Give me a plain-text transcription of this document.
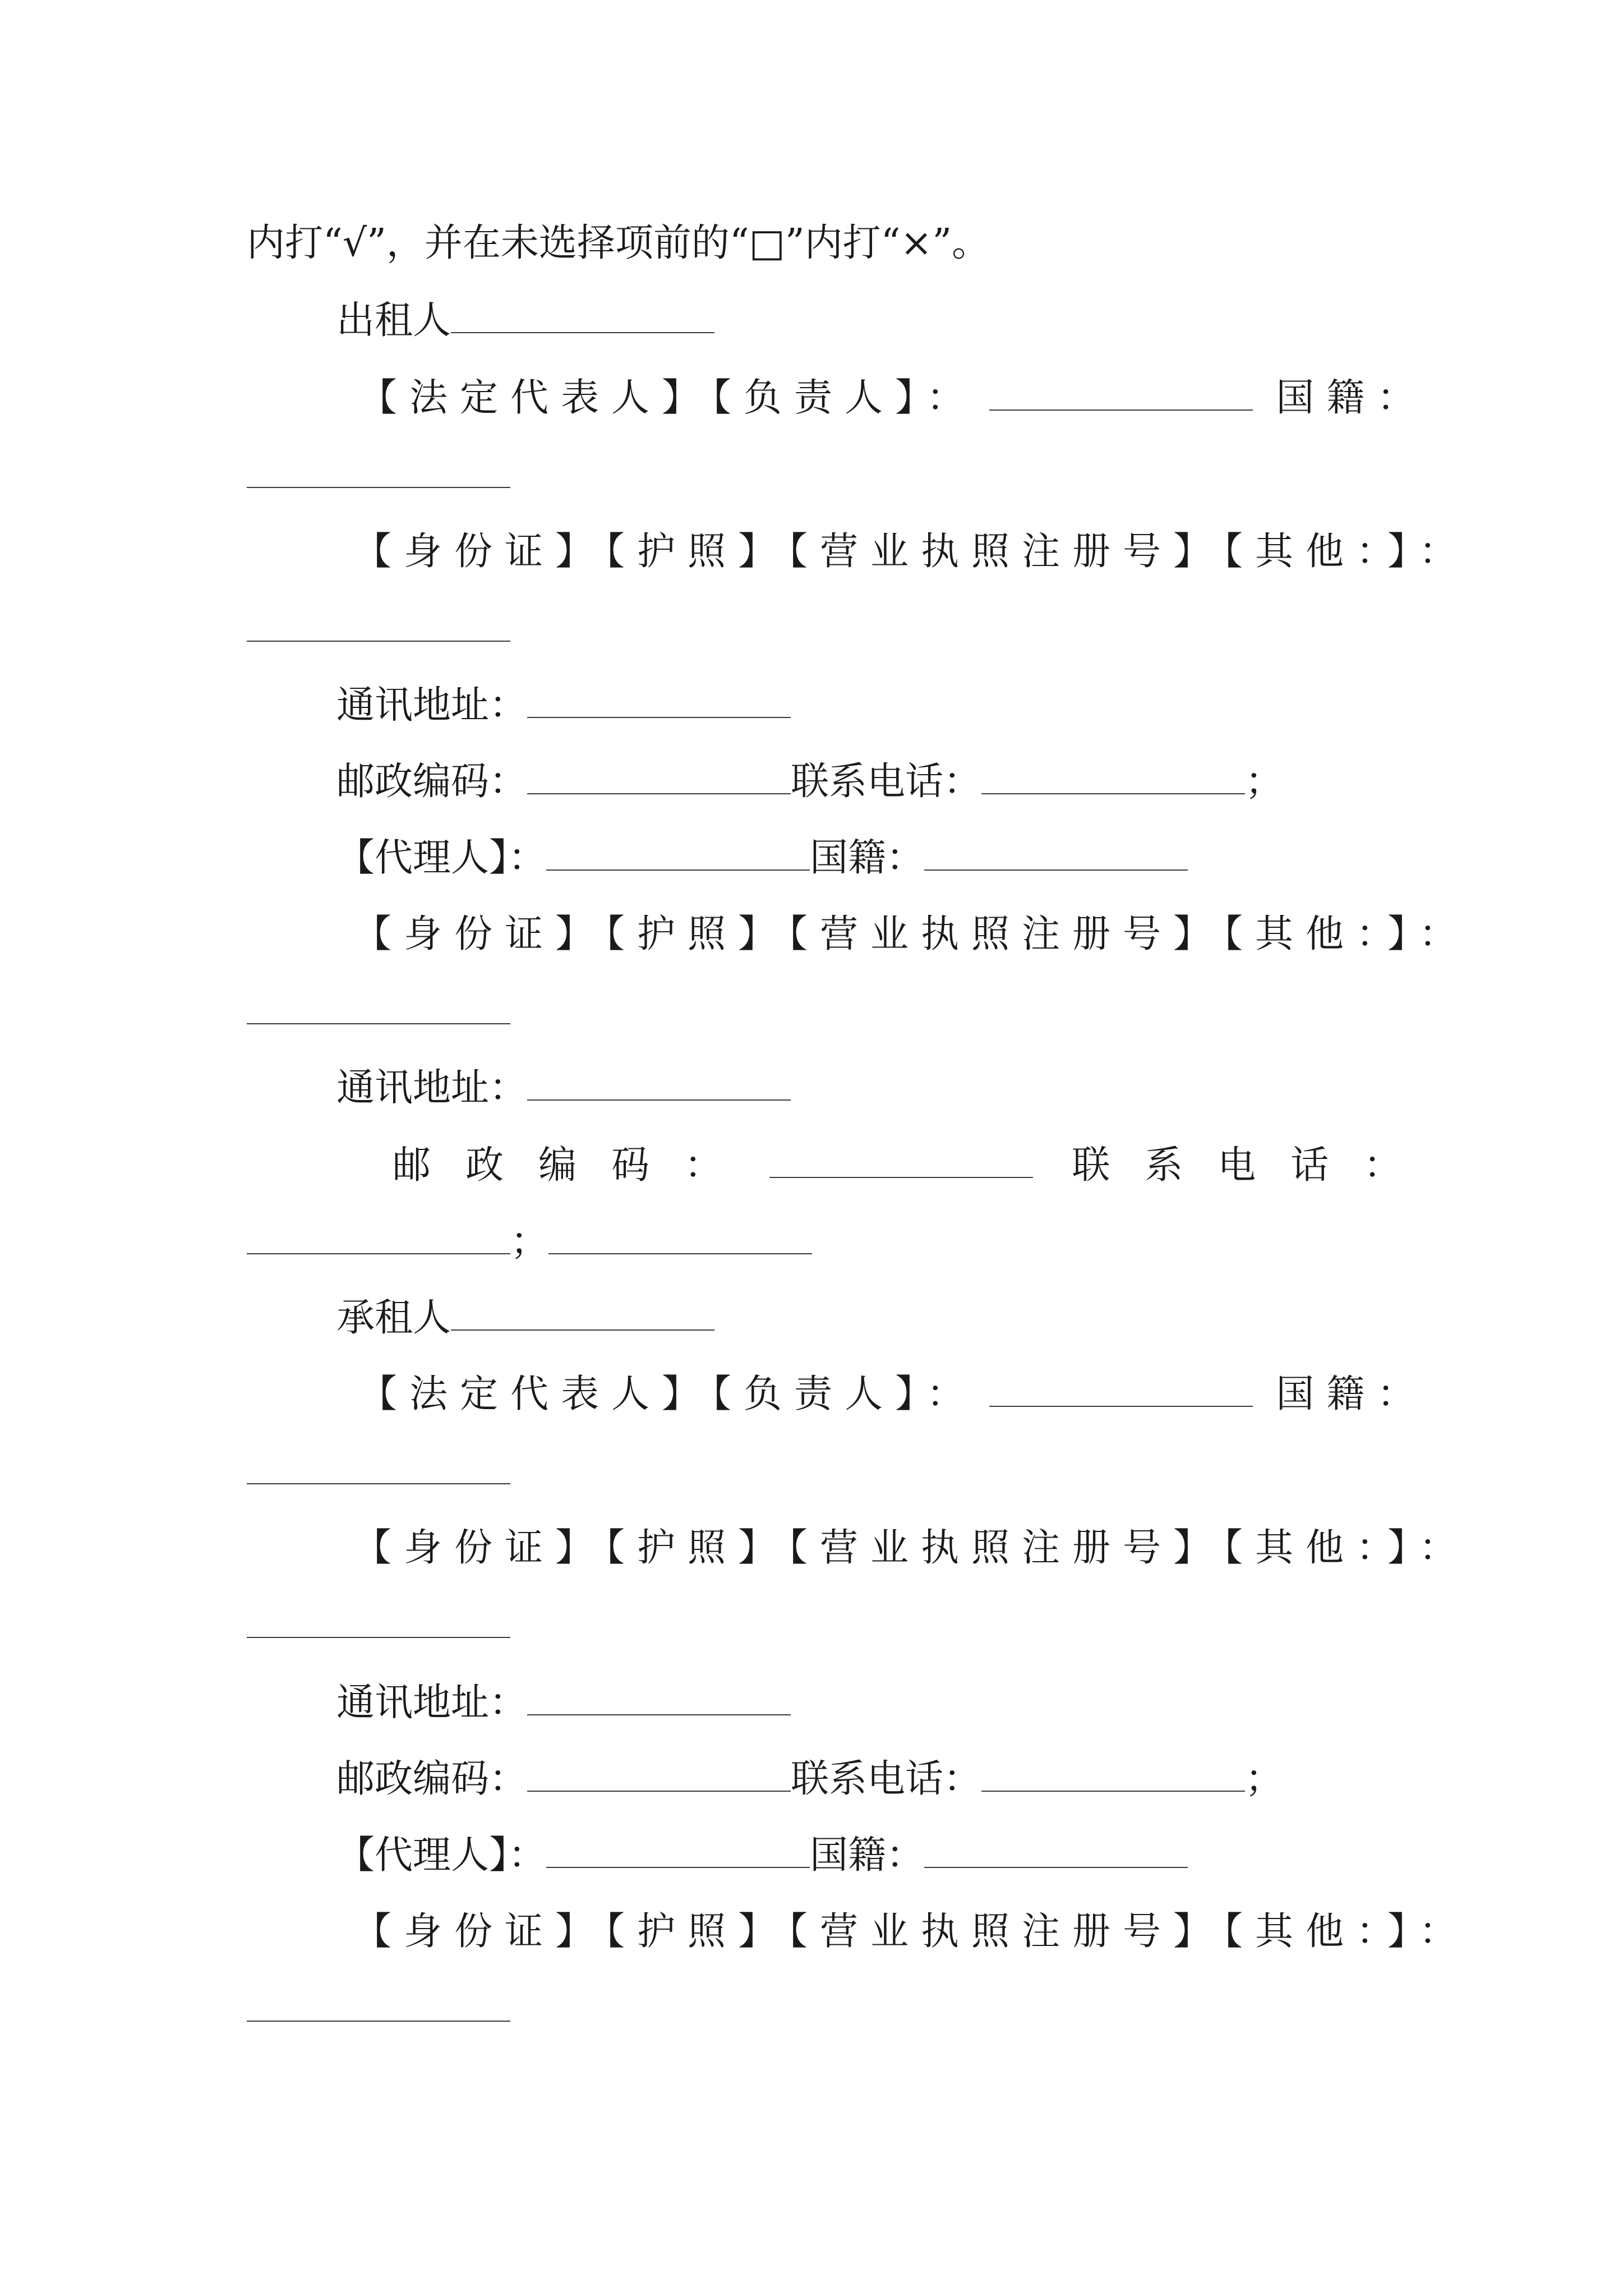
内打“√”，并在未选择项前的“□”内打“×”。
出租人
【法定代表人】【负责人】：	国籍：
【身份证】【护照】【营业执照注册号】【其他：】：
通讯地址：
邮政编码：	联系电话：	；
【代理人】：	国籍：
【身份证】【护照】【营业执照注册号】【其他：】：
通讯地址：
邮政编码：	联系电话：
；
承租人
【法定代表人】【负责人】：	国籍：
【身份证】【护照】【营业执照注册号】【其他：】：
通讯地址：
邮政编码：	联系电话：	；
【代理人】：	国籍：
【身份证】【护照】【营业执照注册号】【其他：】：
